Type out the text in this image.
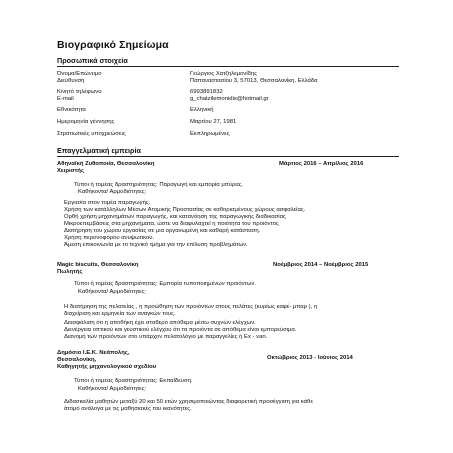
Βιογραφικό Σημείωμα
Προσωπικά στοιχεία
Όνομα/Επώνυμο	Γεώργιος Χατζηλεμονίδης
Διεύθυνση	Παπαναστασίου 3, 57013, Θεσσαλονίκη, Ελλάδα
Κινητό τηλέφωνο	6993891832
E-mail	g_chatzilemonidis@hotmail.gr
Εθνικότητα	Ελληνική
Ημερομηνία γέννησης	Μαρτίου 27, 1981
Στρατιωτικές υποχρεώσεις	Εκπληρωμένες
Επαγγελματική εμπειρία
Αθηναϊκή Ζυθοποιία, Θεσσαλονίκη	Μάρτιος 2016 – Απρίλιος 2016
Χειριστής
Τύποι ή τομέας δραστηριότητας: Παραγωγή και εμπορία μπύρας.
Καθήκοντα/ Αρμοδιότητες:
Εργασία στον τομέα παραγωγής.
Χρήση των κατάλληλων Μέσων Ατομικής Προστασίας σε καθορισμένους χώρους ασφαλείας.
Ορθή χρήση μηχανημάτων παραγωγής, και κατανόηση της παραγωγικής διαδικασίας
Μικροεπεμβάσεις στα μηχανήματα, ώστε να διαφυλαχτεί η ποιότητα του προιόντος
Διατήρηση του χώρου εργασίας σε μια οργανωμένη και καθαρή κατάσταση.
Χρήση περονοφόρου ανυψωτικού.
Άμεση επικοινωνία με το τεχνικό τμήμα για την επίλυση προβλημάτων.
Magic biscuits, Θεσσαλονίκη	Νοέμβριος 2014 – Νοέμβριος 2015
Πωλητής
Τύποι ή τομέας δραστηριότητας: Εμπορία τυποποιημένων προιόντων.
Καθήκοντα/ Αρμοδιότητες:
Η διατήρηση της πελατείας , η προώθηση των προιόντων στους πελάτες (κυρίως καφέ- μπαρ ), η
διαχείριση και ερμηνεία των αναγκών τους.
Διασφάλιση ότι η αποθήκη έχει σταθερό απόθεμα μέσω συχνών ελέγχων.
Διενέργεια οπτικού και γευστικού ελέγχου ότι τα προιόντα σε απόθεμα είναι εμπορεύσιμα.
Διανομή των προιόντων στο υπάρχον πελατολόγιο με παραγγελίες ή Ex - van.
Δημόσιο Ι.Ε.Κ. Νεάπολης,
Θεσσαλονίκη,	Οκτώβριος 2013 - Ιούνιος 2014
Καθηγητής μηχανολογικού σχεδίου
Τύποι ή τομέας δραστηριότητας: Εκπαίδευση.
Καθήκοντα/ Αρμοδιότητες:
Διδασκαλία μαθητών μεταξύ 20 και 50 ετών χρησιμοποιώντας διαφορετική προσέγγιση για κάθε
άτομο ανάλογα με τις μαθησιακές του ικανότητες.
